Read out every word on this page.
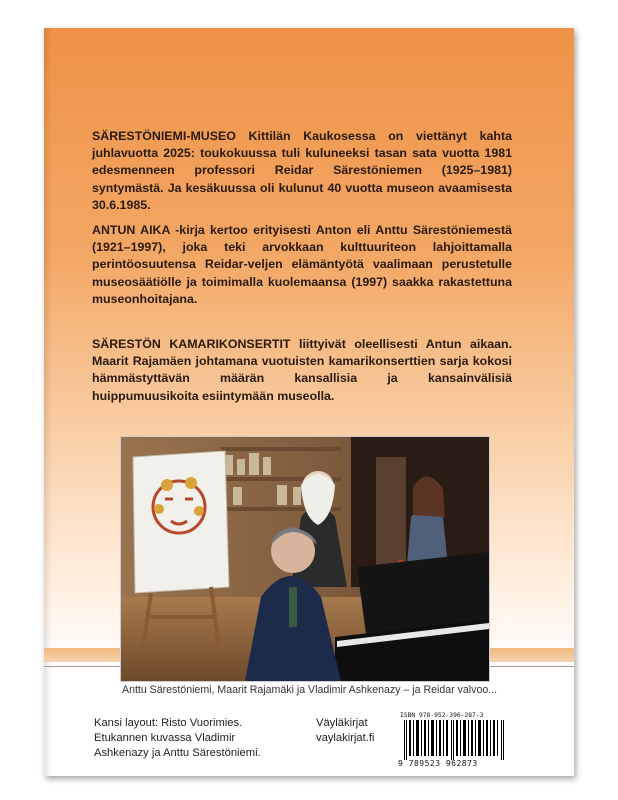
SÄRESTÖNIEMI-MUSEO Kittilän Kaukosessa on viettänyt kahta juhlavuotta 2025: toukokuussa tuli kuluneeksi tasan sata vuotta 1981 edesmenneen professori Reidar Särestöniemen (1925–1981) syntymästä. Ja kesäkuussa oli kulunut 40 vuotta museon avaamisesta 30.6.1985.

ANTUN AIKA -kirja kertoo erityisesti Anton eli Anttu Särestöniemestä (1921–1997), joka teki arvokkaan kulttuuriteon lahjoittamalla perintöosuutensa Reidar-veljen elämäntyötä vaalimaan perustetulle museosäätiölle ja toimimalla kuolemaansa (1997) saakka rakastettuna museonhoitajana.

SÄRESTÖN KAMARIKONSERTIT liittyivät oleellisesti Antun aikaan. Maarit Rajamäen johtamana vuotuisten kamarikonserttien sarja kokosi hämmästyttävän määrän kansallisia ja kansainvälisiä huippumuusikoita esiintymään museolla.

Anttu Särestöniemi, Maarit Rajamäki ja Vladimir Ashkenazy – ja Reidar valvoo...
Kansi layout: Risto Vuorimies.
Etukannen kuvassa Vladimir
Ashkenazy ja Anttu Särestöniemi.
Väyläkirjat
vaylakirjat.fi
ISBN 978-952-396-287-3
9 789523 962873
